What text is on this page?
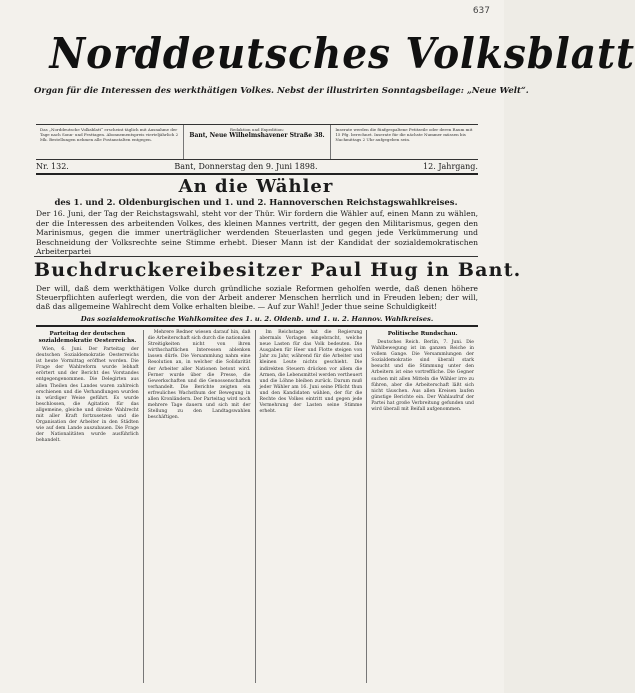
637
Norddeutsches Volksblatt
Organ für die Interessen des werkthätigen Volkes. Nebst der illustrirten Sonntagsbeilage: „Neue Welt“.
Das „Norddeutsche Volksblatt“ erscheint täglich mit Ausnahme der Tage nach Sonn- und Festtagen. Abonnementspreis vierteljährlich 2 Mk. Bestellungen nehmen alle Postanstalten entgegen.
Redaktion und Expedition:
Bant, Neue Wilhelmshavener Straße 38.
Inserate werden die fünfgespaltene Petitzeile oder deren Raum mit 15 Pfg. berechnet. Inserate für die nächste Nummer müssen bis Nachmittags 2 Uhr aufgegeben sein.
Nr. 132.	Bant, Donnerstag den 9. Juni 1898.	12. Jahrgang.
An die Wähler
des 1. und 2. Oldenburgischen und 1. und 2. Hannoverschen Reichstagswahlkreises.
Der 16. Juni, der Tag der Reichstagswahl, steht vor der Thür. Wir fordern die Wähler auf, einen Mann zu wählen, der die Interessen des arbeitenden Volkes, des kleinen Mannes vertritt, der gegen den Militarismus, gegen den Marinismus, gegen die immer unerträglicher werdenden Steuerlasten und gegen jede Verkümmerung und Beschneidung der Volksrechte seine Stimme erhebt. Dieser Mann ist der Kandidat der sozialdemokratischen Arbeiterpartei
Buchdruckereibesitzer Paul Hug in Bant.
Der will, daß dem werkthätigen Volke durch gründliche soziale Reformen geholfen werde, daß denen höhere Steuerpflichten auferlegt werden, die von der Arbeit anderer Menschen herrlich und in Freuden leben; der will, daß das allgemeine Wahlrecht dem Volke erhalten bleibe. — Auf zur Wahl! Jeder thue seine Schuldigkeit!
Das sozialdemokratische Wahlkomitee des 1. u. 2. Oldenb. und 1. u. 2. Hannov. Wahlkreises.
Parteitag der deutschen sozialdemokratie Oesterreichs.

Wien, 6. Juni. Der Parteitag der deutschen Sozialdemokratie Oesterreichs ist heute Vormittag eröffnet worden. Die Frage der Wahlreform wurde lebhaft erörtert und der Bericht des Vorstandes entgegengenommen. Die Delegirten aus allen Theilen des Landes waren zahlreich erschienen und die Verhandlungen wurden in würdiger Weise geführt. Es wurde beschlossen, die Agitation für das allgemeine, gleiche und direkte Wahlrecht mit aller Kraft fortzusetzen und die Organisation der Arbeiter in den Städten wie auf dem Lande auszubauen. Die Frage der Nationalitäten wurde ausführlich behandelt.

Mehrere Redner wiesen darauf hin, daß die Arbeiterschaft sich durch die nationalen Streitigkeiten nicht von ihren wirthschaftlichen Interessen ablenken lassen dürfe. Die Versammlung nahm eine Resolution an, in welcher die Solidarität der Arbeiter aller Nationen betont wird. Ferner wurde über die Presse, die Gewerkschaften und die Genossenschaften verhandelt. Die Berichte zeigten ein erfreuliches Wachsthum der Bewegung in allen Kronländern. Der Parteitag wird noch mehrere Tage dauern und sich mit der Stellung zu den Landtagswahlen beschäftigen.

Im Reichstage hat die Regierung abermals Vorlagen eingebracht, welche neue Lasten für das Volk bedeuten. Die Ausgaben für Heer und Flotte steigen von Jahr zu Jahr, während für die Arbeiter und kleinen Leute nichts geschieht. Die indirekten Steuern drücken vor allem die Armen, die Lebensmittel werden vertheuert und die Löhne bleiben zurück. Darum muß jeder Wähler am 16. Juni seine Pflicht thun und den Kandidaten wählen, der für die Rechte des Volkes eintritt und gegen jede Vermehrung der Lasten seine Stimme erhebt.

Politische Rundschau.

Deutsches Reich. Berlin, 7. Juni. Die Wahlbewegung ist im ganzen Reiche in vollem Gange. Die Versammlungen der Sozialdemokratie sind überall stark besucht und die Stimmung unter den Arbeitern ist eine vortreffliche. Die Gegner suchen mit allen Mitteln die Wähler irre zu führen, aber die Arbeiterschaft läßt sich nicht täuschen. Aus allen Kreisen laufen günstige Berichte ein. Der Wahlaufruf der Partei hat große Verbreitung gefunden und wird überall mit Beifall aufgenommen.
